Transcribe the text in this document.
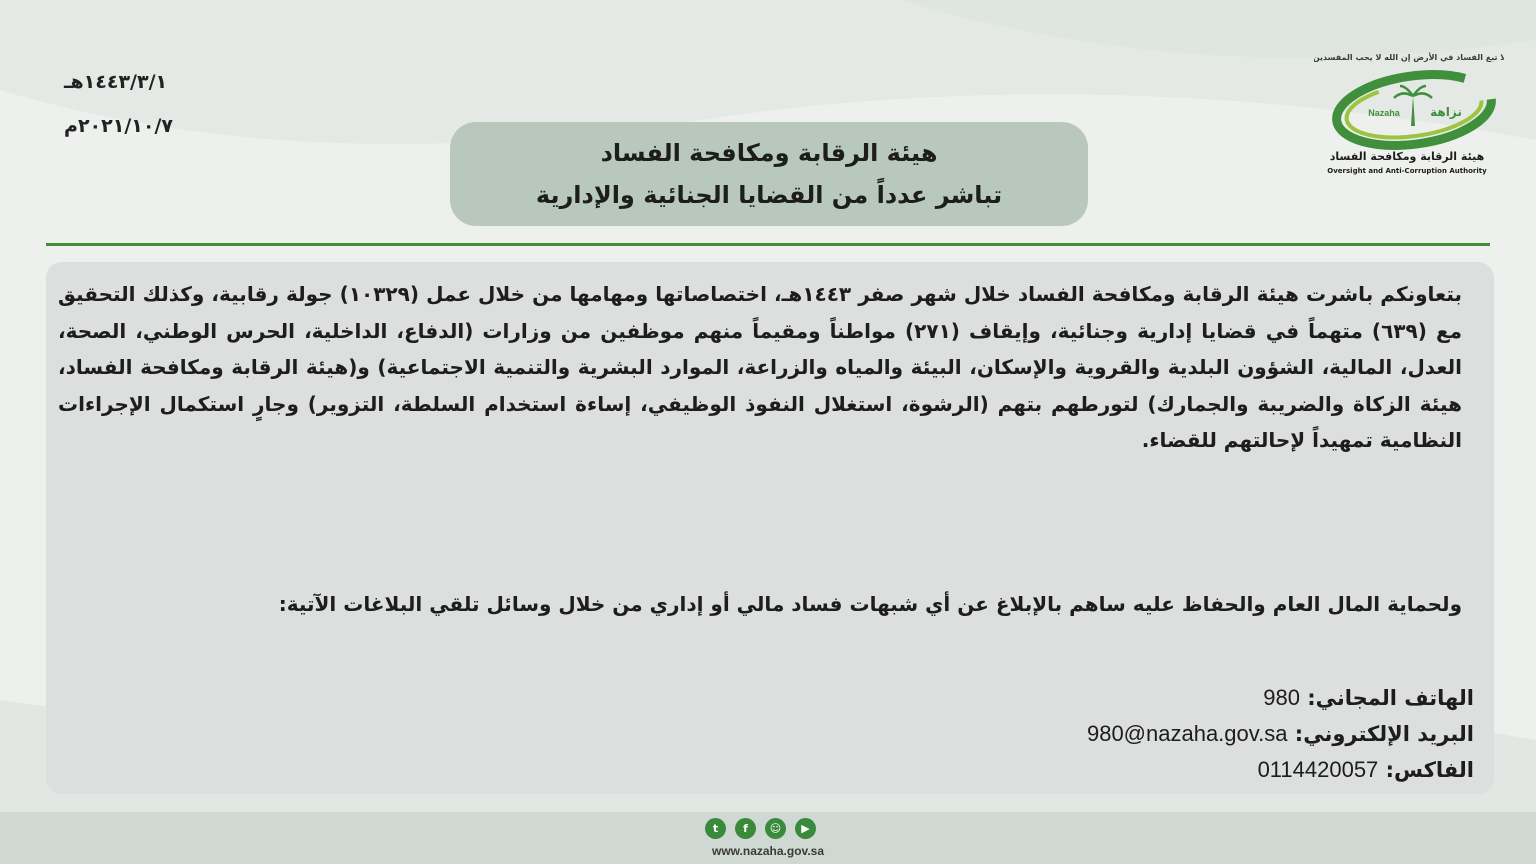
١٤٤٣/٣/١هـ
٢٠٢١/١٠/٧م
هيئة الرقابة ومكافحة الفساد
تباشر عدداً من القضايا الجنائية والإدارية
ولا تبغ الفساد في الأرض إن الله لا يحب المفسدين
Nazaha	نزاهة
هيئة الرقابة ومكافحة الفساد
Oversight and Anti-Corruption Authority
بتعاونكم باشرت هيئة الرقابة ومكافحة الفساد خلال شهر صفر ١٤٤٣هـ، اختصاصاتها ومهامها من خلال عمل (١٠٣٢٩) جولة رقابية، وكذلك التحقيق مع (٦٣٩) متهماً في قضايا إدارية وجنائية، وإيقاف (٢٧١) مواطناً ومقيماً منهم موظفين من وزارات (الدفاع، الداخلية، الحرس الوطني، الصحة، العدل، المالية، الشؤون البلدية والقروية والإسكان، البيئة والمياه والزراعة، الموارد البشرية والتنمية الاجتماعية) و(هيئة الرقابة ومكافحة الفساد، هيئة الزكاة والضريبة والجمارك) لتورطهم بتهم (الرشوة، استغلال النفوذ الوظيفي، إساءة استخدام السلطة، التزوير) وجارٍ استكمال الإجراءات النظامية تمهيداً لإحالتهم للقضاء.
ولحماية المال العام والحفاظ عليه ساهم بالإبلاغ عن أي شبهات فساد مالي أو إداري من خلال وسائل تلقي البلاغات الآتية:
الهاتف المجاني: 980
البريد الإلكتروني: 980@nazaha.gov.sa
الفاكس: 0114420057
t	f	☺	▶
www.nazaha.gov.sa
